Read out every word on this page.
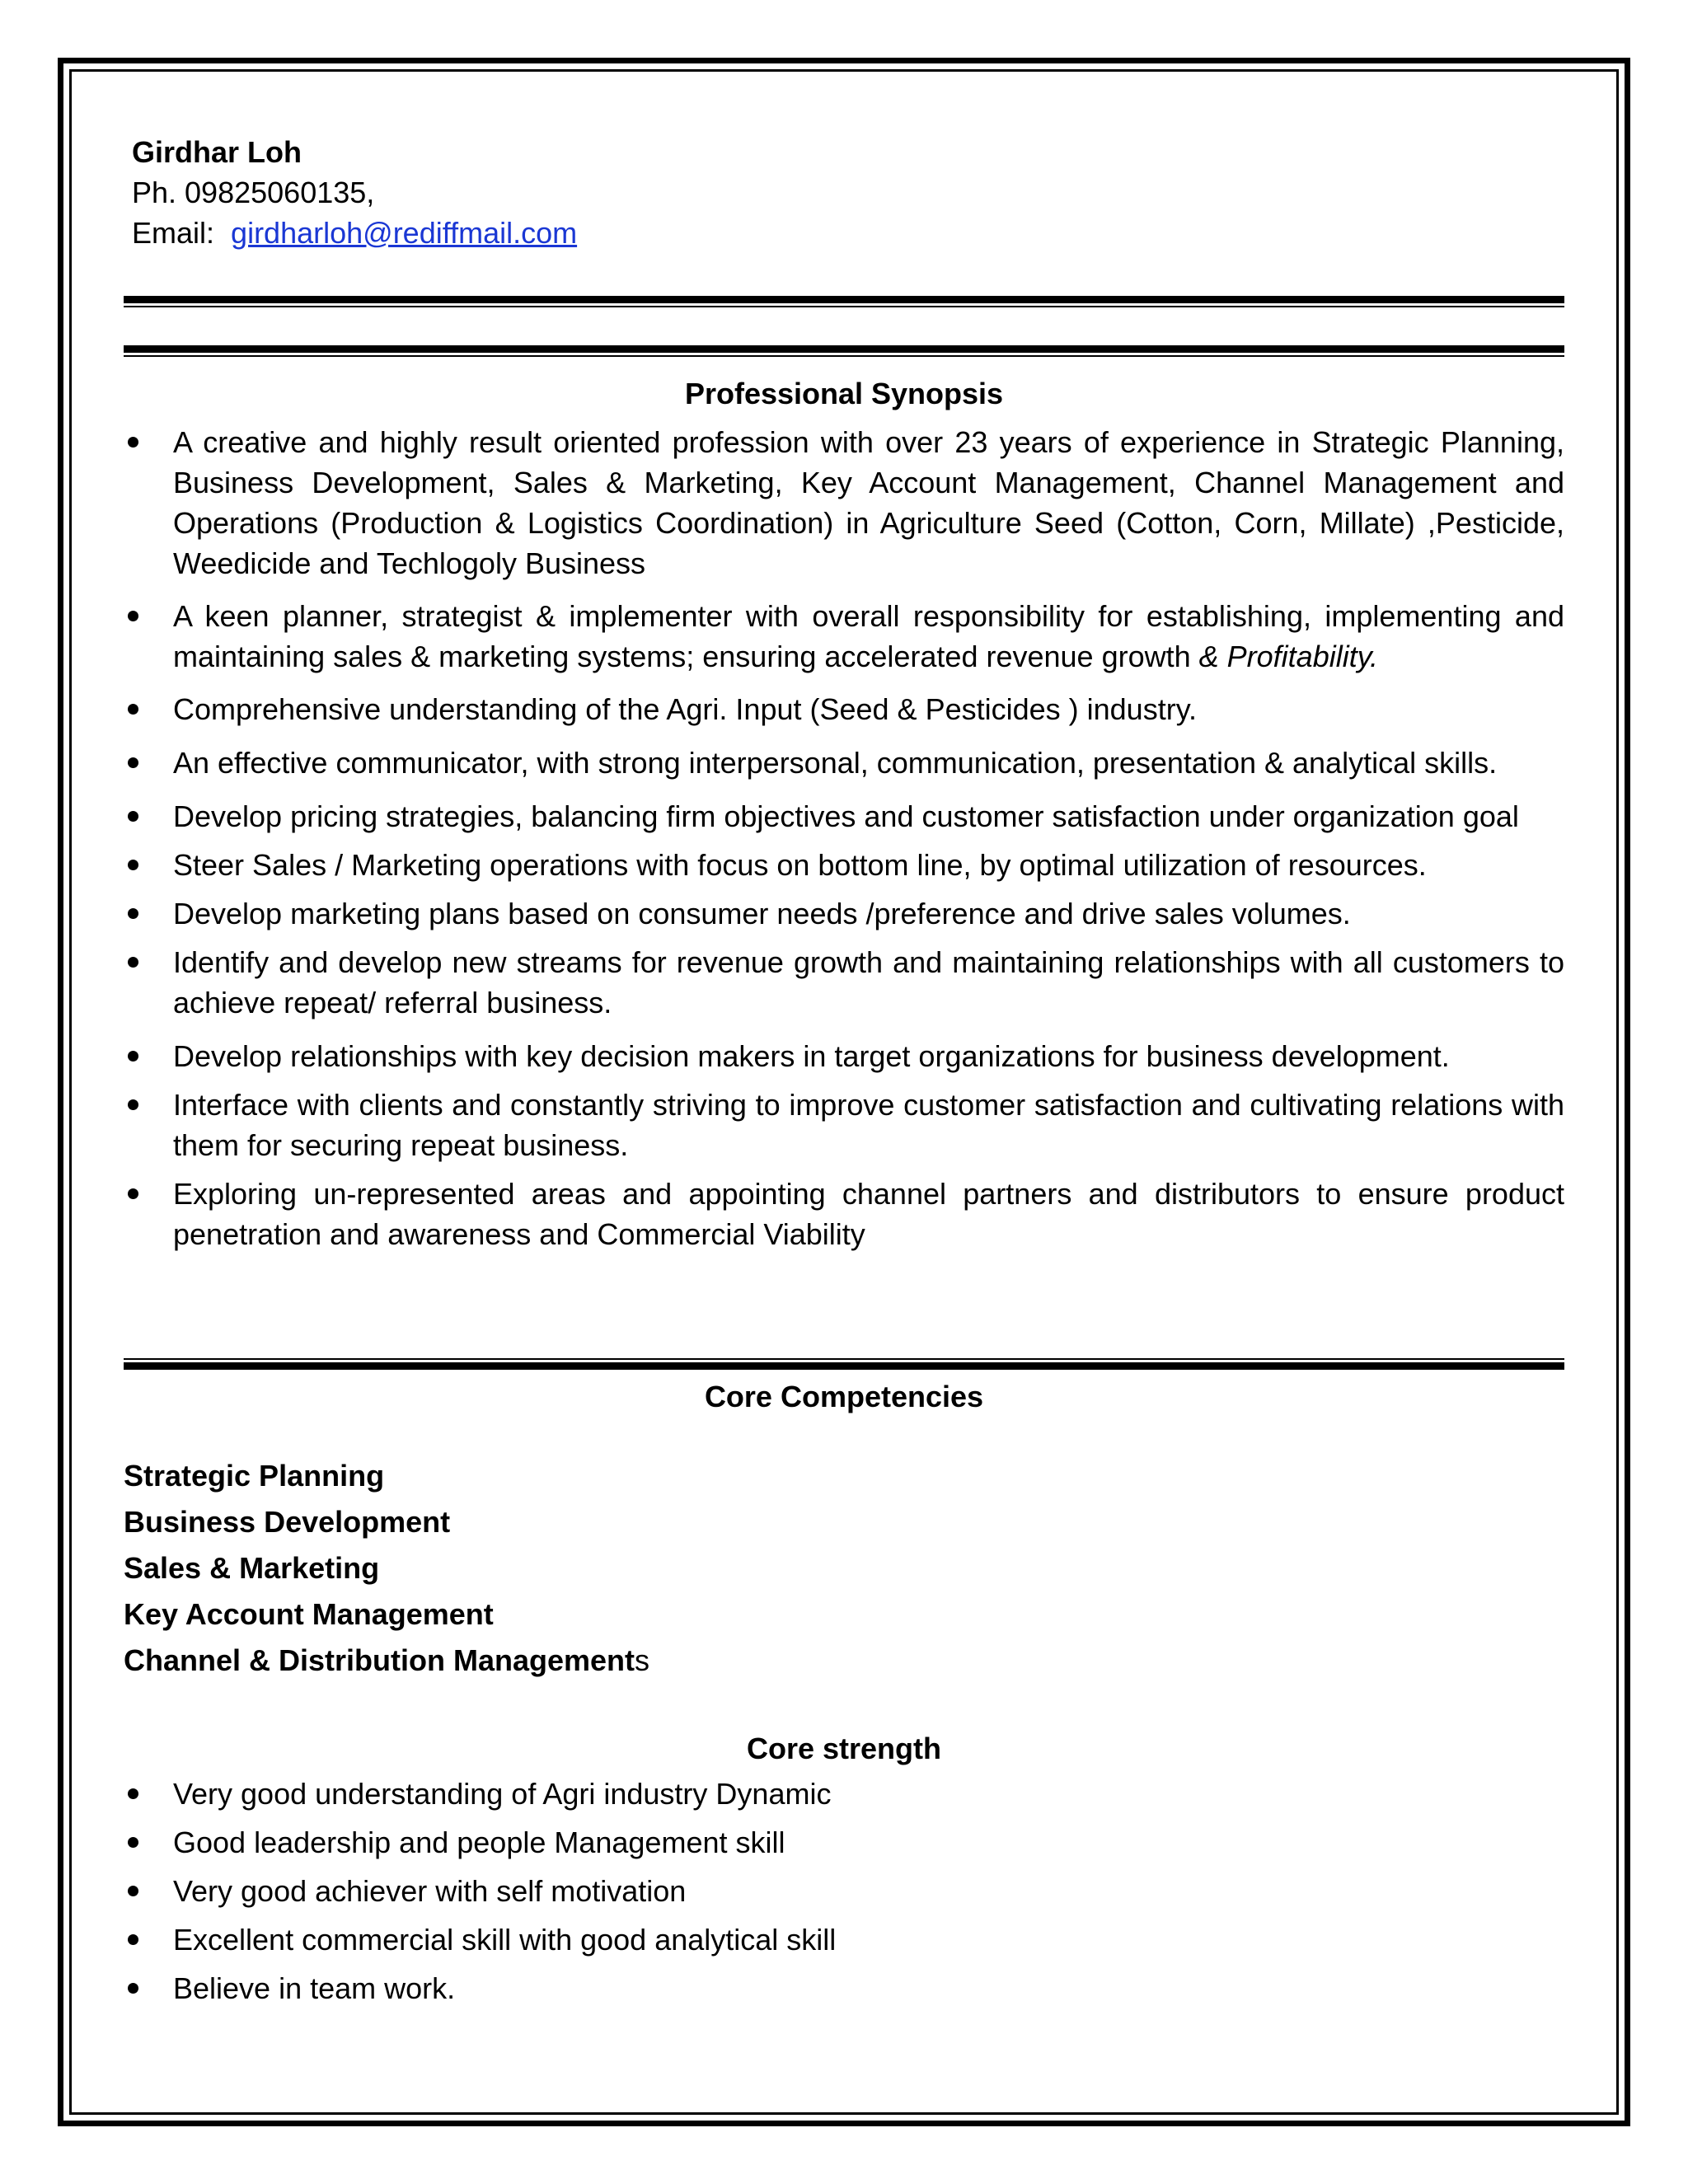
Girdhar Loh
Ph. 09825060135,
Email: girdharloh@rediffmail.com
Professional Synopsis
A creative and highly result oriented profession with over 23 years of experience in Strategic Planning, Business Development, Sales & Marketing, Key Account Management, Channel Management and Operations (Production & Logistics Coordination) in Agriculture Seed (Cotton, Corn, Millate) ,Pesticide, Weedicide and Techlogoly Business
A keen planner, strategist & implementer with overall responsibility for establishing, implementing and maintaining sales & marketing systems; ensuring accelerated revenue growth & Profitability.
Comprehensive understanding of the Agri. Input (Seed & Pesticides ) industry.
An effective communicator, with strong interpersonal, communication, presentation & analytical skills.
Develop pricing strategies, balancing firm objectives and customer satisfaction under organization goal
Steer Sales / Marketing operations with focus on bottom line, by optimal utilization of resources.
Develop marketing plans based on consumer needs /preference and drive sales volumes.
Identify and develop new streams for revenue growth and maintaining relationships with all customers to achieve repeat/ referral business.
Develop relationships with key decision makers in target organizations for business development.
Interface with clients and constantly striving to improve customer satisfaction and cultivating relations with them for securing repeat business.
Exploring un-represented areas and appointing channel partners and distributors to ensure product penetration and awareness and Commercial Viability
Core Competencies
Strategic Planning
Business Development
Sales & Marketing
Key Account Management
Channel & Distribution Managements
Core strength
Very good understanding of Agri industry Dynamic
Good leadership and people Management skill
Very good achiever with self motivation
Excellent commercial skill with good analytical skill
Believe in team work.
